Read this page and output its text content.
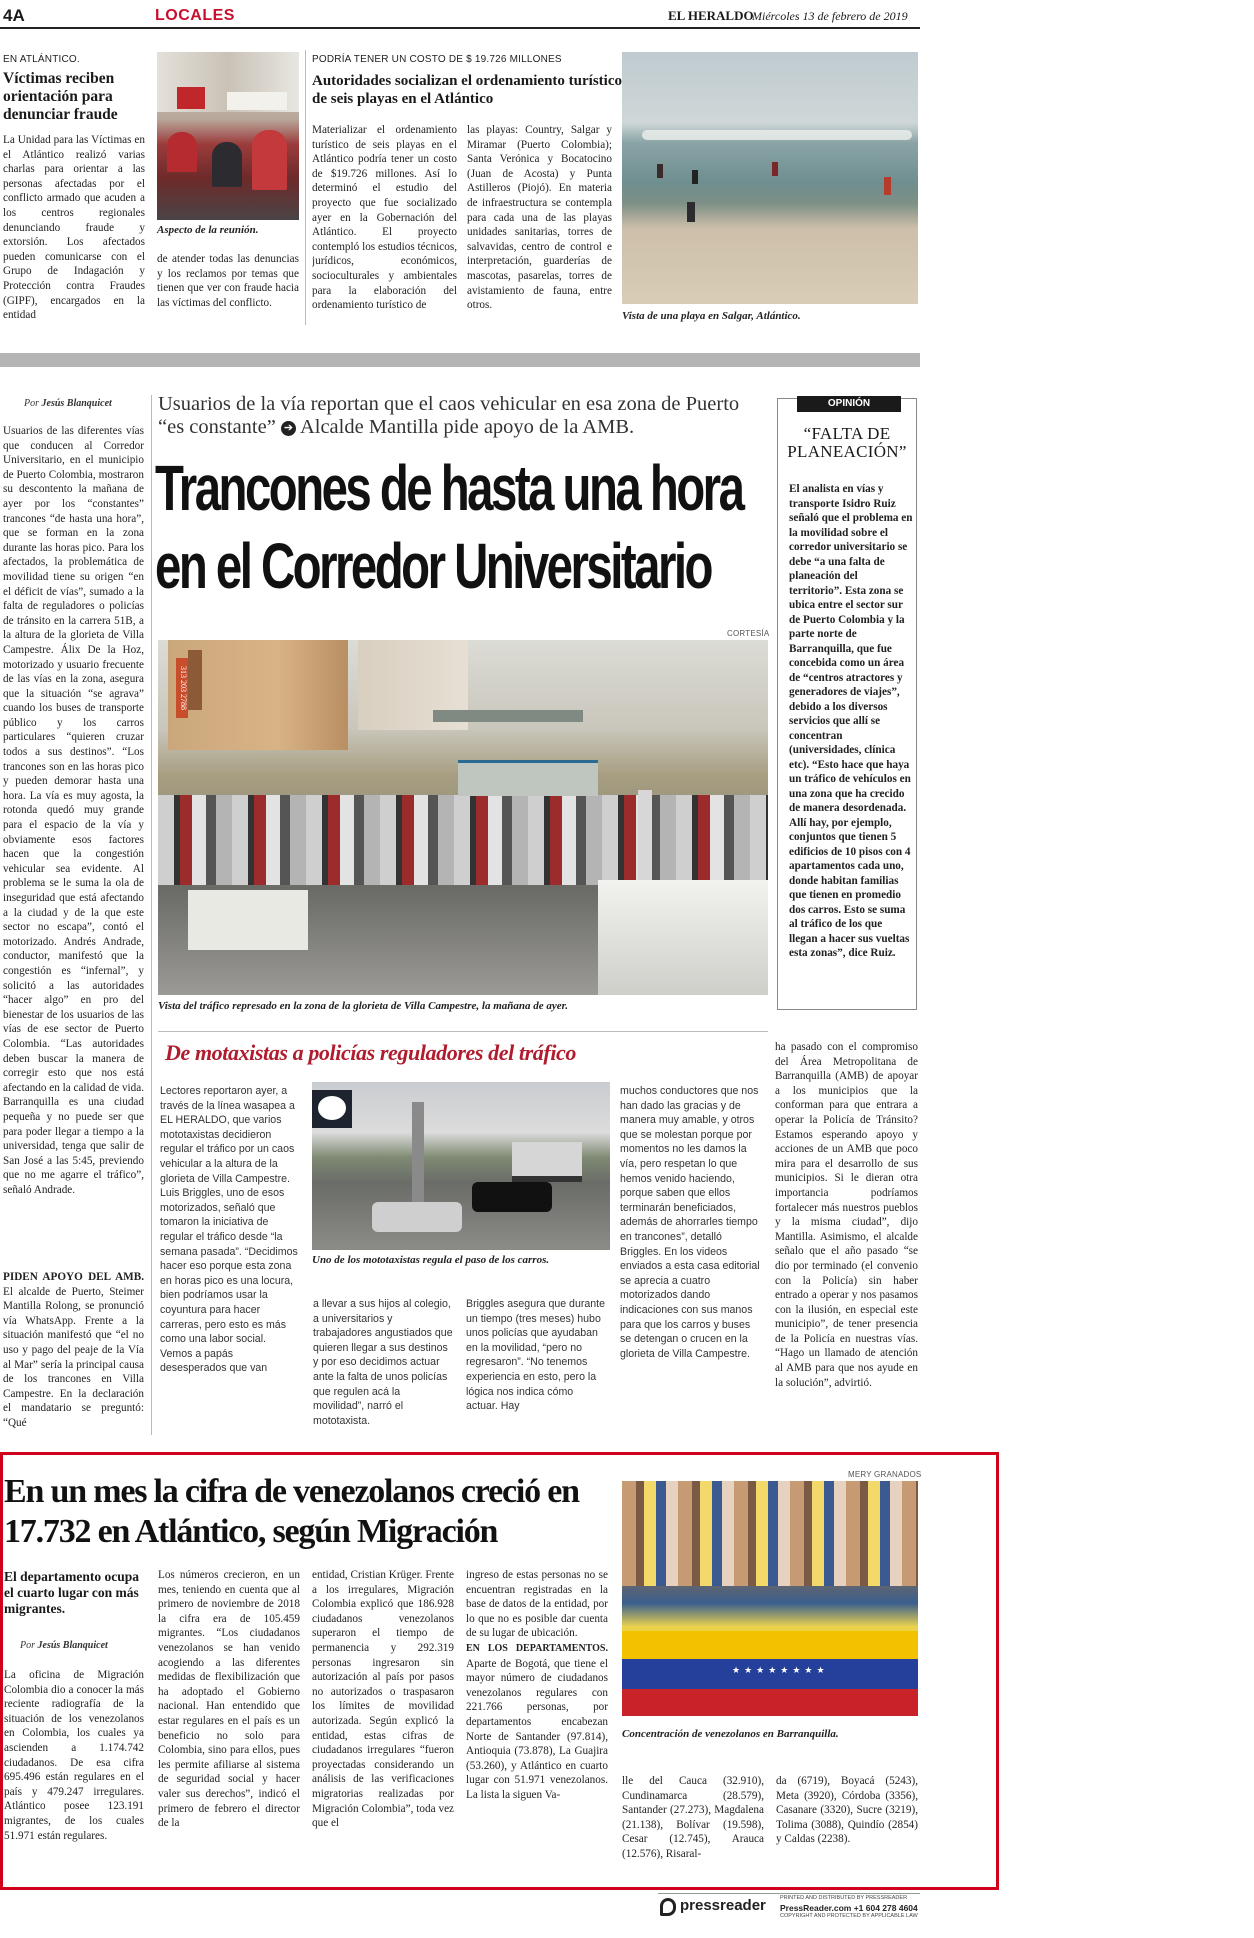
4A	LOCALES	EL HERALDO
Miércoles 13 de febrero de 2019
EN ATLÁNTICO.
Víctimas reciben orientación para denunciar fraude
La Unidad para las Víctimas en el Atlántico realizó varias charlas para orientar a las personas afectadas por el conflicto armado que acuden a los centros regionales denunciando fraude y extorsión. Los afectados pueden comunicarse con el Grupo de Indagación y Protección contra Fraudes (GIPF), encargados en la entidad
Aspecto de la reunión.
de atender todas las denuncias y los reclamos por temas que tienen que ver con fraude hacia las víctimas del conflicto.
PODRÍA TENER UN COSTO DE $ 19.726 MILLONES
Autoridades socializan el ordenamiento turístico de seis playas en el Atlántico
Materializar el ordenamiento turístico de seis playas en el Atlántico podría tener un costo de $19.726 millones. Así lo determinó el estudio del proyecto que fue socializado ayer en la Gobernación del Atlántico. El proyecto contempló los estudios técnicos, jurídicos, económicos, socioculturales y ambientales para la elaboración del ordenamiento turístico de
las playas: Country, Salgar y Miramar (Puerto Colombia); Santa Verónica y Bocatocino (Juan de Acosta) y Punta Astilleros (Piojó). En materia de infraestructura se contempla para cada una de las playas unidades sanitarias, torres de salvavidas, centro de control e interpretación, guarderías de mascotas, pasarelas, torres de avistamiento de fauna, entre otros.
Vista de una playa en Salgar, Atlántico.
Por Jesús Blanquicet
Usuarios de las diferentes vías que conducen al Corredor Universitario, en el municipio de Puerto Colombia, mostraron su descontento la mañana de ayer por los “constantes” trancones “de hasta una hora”, que se forman en la zona durante las horas pico. Para los afectados, la problemática de movilidad tiene su origen “en el déficit de vías”, sumado a la falta de reguladores o policías de tránsito en la carrera 51B, a la altura de la glorieta de Villa Campestre. Álix De la Hoz, motorizado y usuario frecuente de las vías en la zona, asegura que la situación “se agrava” cuando los buses de transporte público y los carros particulares “quieren cruzar todos a sus destinos”. “Los trancones son en las horas pico y pueden demorar hasta una hora. La vía es muy agosta, la rotonda quedó muy grande para el espacio de la vía y obviamente esos factores hacen que la congestión vehicular sea evidente. Al problema se le suma la ola de inseguridad que está afectando a la ciudad y de la que este sector no escapa”, contó el motorizado. Andrés Andrade, conductor, manifestó que la congestión es “infernal”, y solicitó a las autoridades “hacer algo” en pro del bienestar de los usuarios de las vías de ese sector de Puerto Colombia. “Las autoridades deben buscar la manera de corregir esto que nos está afectando en la calidad de vida. Barranquilla es una ciudad pequeña y no puede ser que para poder llegar a tiempo a la universidad, tenga que salir de San José a las 5:45, previendo que no me agarre el tráfico”, señaló Andrade.
PIDEN APOYO DEL AMB. El alcalde de Puerto, Steimer Mantilla Rolong, se pronunció vía WhatsApp. Frente a la situación manifestó que “el no uso y pago del peaje de la Vía al Mar” sería la principal causa de los trancones en Villa Campestre. En la declaración el mandatario se preguntó: “Qué
Usuarios de la vía reportan que el caos vehicular en esa zona de Puerto “es constante” ➔ Alcalde Mantilla pide apoyo de la AMB.
Trancones de hasta una hora en el Corredor Universitario
CORTESÍA
313 203 2788
Vista del tráfico represado en la zona de la glorieta de Villa Campestre, la mañana de ayer.
OPINIÓN
“FALTA DE PLANEACIÓN”
El analista en vías y transporte Isidro Ruiz señaló que el problema en la movilidad sobre el corredor universitario se debe “a una falta de planeación del territorio”. Esta zona se ubica entre el sector sur de Puerto Colombia y la parte norte de Barranquilla, que fue concebida como un área de “centros atractores y generadores de viajes”, debido a los diversos servicios que allí se concentran (universidades, clínica etc). “Esto hace que haya un tráfico de vehículos en una zona que ha crecido de manera desordenada. Allí hay, por ejemplo, conjuntos que tienen 5 edificios de 10 pisos con 4 apartamentos cada uno, donde habitan familias que tienen en promedio dos carros. Esto se suma al tráfico de los que llegan a hacer sus vueltas esta zonas”, dice Ruiz.
De motaxistas a policías reguladores del tráfico
Lectores reportaron ayer, a través de la línea wasapea a EL HERALDO, que varios mototaxistas decidieron regular el tráfico por un caos vehicular a la altura de la glorieta de Villa Campestre. Luis Briggles, uno de esos motorizados, señaló que tomaron la iniciativa de regular el tráfico desde “la semana pasada”. “Decidimos hacer eso porque esta zona en horas pico es una locura, bien podríamos usar la coyuntura para hacer carreras, pero esto es más como una labor social. Vemos a papás desesperados que van
Uno de los mototaxistas regula el paso de los carros.
a llevar a sus hijos al colegio, a universitarios y trabajadores angustiados que quieren llegar a sus destinos y por eso decidimos actuar ante la falta de unos policías que regulen acá la movilidad”, narró el mototaxista.
Briggles asegura que durante un tiempo (tres meses) hubo unos policías que ayudaban en la movilidad, “pero no regresaron”. “No tenemos experiencia en esto, pero la lógica nos indica cómo actuar. Hay
muchos conductores que nos han dado las gracias y de manera muy amable, y otros que se molestan porque por momentos no les damos la vía, pero respetan lo que hemos venido haciendo, porque saben que ellos terminarán beneficiados, además de ahorrarles tiempo en trancones”, detalló Briggles. En los videos enviados a esta casa editorial se aprecia a cuatro motorizados dando indicaciones con sus manos para que los carros y buses se detengan o crucen en la glorieta de Villa Campestre.
ha pasado con el compromiso del Área Metropolitana de Barranquilla (AMB) de apoyar a los municipios que la conforman para que entrara a operar la Policía de Tránsito? Estamos esperando apoyo y acciones de un AMB que poco mira para el desarrollo de sus municipios. Si le dieran otra importancia podríamos fortalecer más nuestros pueblos y la misma ciudad”, dijo Mantilla. Asimismo, el alcalde señalo que el año pasado “se dio por terminado (el convenio con la Policía) sin haber entrado a operar y nos pasamos con la ilusión, en especial este municipio”, de tener presencia de la Policía en nuestras vías. “Hago un llamado de atención al AMB para que nos ayude en la solución”, advirtió.
MERY GRANADOS
En un mes la cifra de venezolanos creció en 17.732 en Atlántico, según Migración
El departamento ocupa el cuarto lugar con más migrantes.
Por Jesús Blanquicet
La oficina de Migración Colombia dio a conocer la más reciente radiografía de la situación de los venezolanos en Colombia, los cuales ya ascienden a 1.174.742 ciudadanos. De esa cifra 695.496 están regulares en el país y 479.247 irregulares. Atlántico posee 123.191 migrantes, de los cuales 51.971 están regulares.
Los números crecieron, en un mes, teniendo en cuenta que al primero de noviembre de 2018 la cifra era de 105.459 migrantes. “Los ciudadanos venezolanos se han venido acogiendo a las diferentes medidas de flexibilización que ha adoptado el Gobierno nacional. Han entendido que estar regulares en el país es un beneficio no solo para Colombia, sino para ellos, pues les permite afiliarse al sistema de seguridad social y hacer valer sus derechos”, indicó el primero de febrero el director de la
entidad, Cristian Krüger. Frente a los irregulares, Migración Colombia explicó que 186.928 ciudadanos venezolanos superaron el tiempo de permanencia y 292.319 personas ingresaron sin autorización al país por pasos no autorizados o traspasaron los límites de movilidad autorizada. Según explicó la entidad, estas cifras de ciudadanos irregulares “fueron proyectadas considerando un análisis de las verificaciones migratorias realizadas por Migración Colombia”, toda vez que el
ingreso de estas personas no se encuentran registradas en la base de datos de la entidad, por lo que no es posible dar cuenta de su lugar de ubicación.
EN LOS DEPARTAMENTOS. Aparte de Bogotá, que tiene el mayor número de ciudadanos venezolanos regulares con 221.766 personas, por departamentos encabezan Norte de Santander (97.814), Antioquia (73.878), La Guajira (53.260), y Atlántico en cuarto lugar con 51.971 venezolanos. La lista la siguen Va-
★★★★★★★★
Concentración de venezolanos en Barranquilla.
lle del Cauca (32.910), Cundinamarca (28.579), Santander (27.273), Magdalena (21.138), Bolívar (19.598), Cesar (12.745), Arauca (12.576), Risaral-
da (6719), Boyacá (5243), Meta (3920), Córdoba (3356), Casanare (3320), Sucre (3219), Tolima (3088), Quindío (2854) y Caldas (2238).
pressreader	PRINTED AND DISTRIBUTED BY PRESSREADER
PressReader.com +1 604 278 4604
COPYRIGHT AND PROTECTED BY APPLICABLE LAW
